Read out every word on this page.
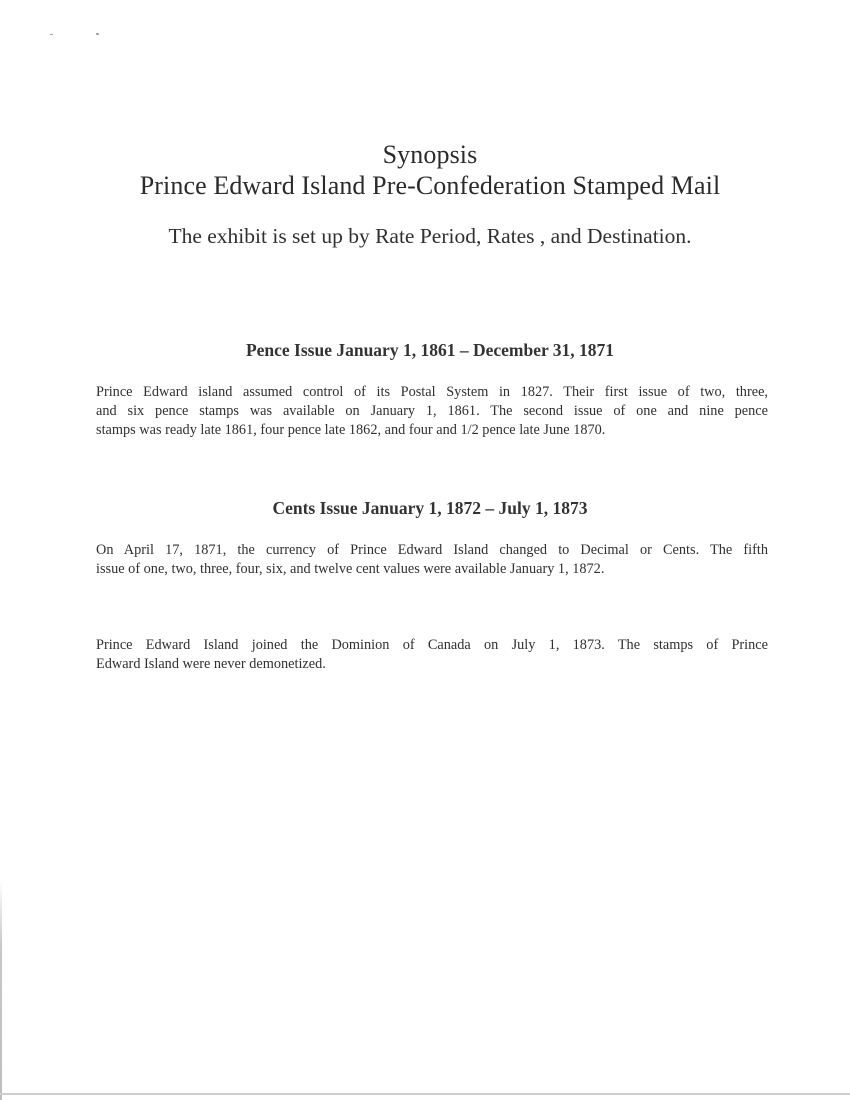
Synopsis
Prince Edward Island Pre-Confederation Stamped Mail

The exhibit is set up by Rate Period, Rates , and Destination.

Pence Issue January 1, 1861 – December 31, 1871
Prince Edward island assumed control of its Postal System in 1827. Their first issue of two, three,
and six pence stamps was available on January 1, 1861. The second issue of one and nine pence
stamps was ready late 1861, four pence late 1862, and four and 1/2 pence late June 1870.
Cents Issue January 1, 1872 – July 1, 1873
On April 17, 1871, the currency of Prince Edward Island changed to Decimal or Cents. The fifth
issue of one, two, three, four, six, and twelve cent values were available January 1, 1872.
Prince Edward Island joined the Dominion of Canada on July 1, 1873. The stamps of Prince
Edward Island were never demonetized.
